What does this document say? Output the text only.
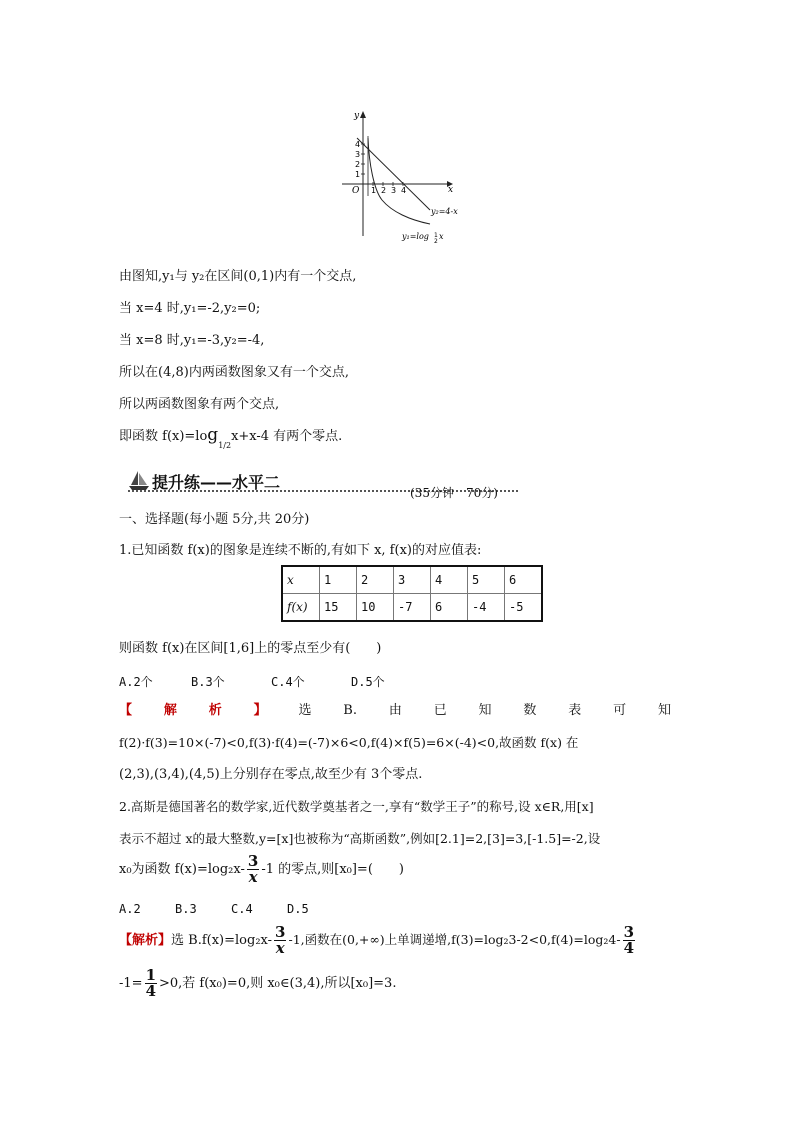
y
x
O
4
3
2
1
1 2 3 4
y₂=4-x
y₁=log 1
2
x
由图知,y₁与 y₂在区间(0,1)内有一个交点,
当 x=4 时,y₁=-2,y₂=0;
当 x=8 时,y₁=-3,y₂=-4,
所以在(4,8)内两函数图象又有一个交点,
所以两函数图象有两个交点,
即函数 $f(x)=\log_{1/2}x+x-4$ 有两个零点.
提升练——水平二
(35分钟　70分)
一、选择题(每小题 5分,共 20分)
1.已知函数 f(x)的图象是连续不断的,有如下 x, f(x)的对应值表:
x	1	2	3	4	5	6
f(x)	15	10	-7	6	-4	-5
则函数 f(x)在区间[1,6]上的零点至少有(　　)
A.2个	B.3个	C.4个	D.5个
【 解 析 】 选 B. 由 已 知 数 表 可 知
f(2)·f(3)=10×(-7)<0,f(3)·f(4)=(-7)×6<0,f(4)×f(5)=6×(-4)<0,故函数 f(x) 在
(2,3),(3,4),(4,5)上分别存在零点,故至少有 3个零点.
2.高斯是德国著名的数学家,近代数学奠基者之一,享有“数学王子”的称号,设 x∈R,用[x]
表示不超过 x的最大整数,y=[x]也被称为“高斯函数”,例如[2.1]=2,[3]=3,[-1.5]=-2,设
x₀为函数 $f(x)=\log_2x- \frac{3}{x} -1$ 的零点,则[x₀]=(　　)
A.2	B.3	C.4	D.5
【解析】选 $B.f(x)=\log_2x- \frac{3}{x} -1$,函数在(0,+∞)上单调递增$,f(3)=\log_23-2<0,f(4)=\log_24- \frac{3}{4}$
$-1= \frac{1}{4} >0$,若 f(x₀)=0,则 x₀∈(3,4),所以[x₀]=3.
